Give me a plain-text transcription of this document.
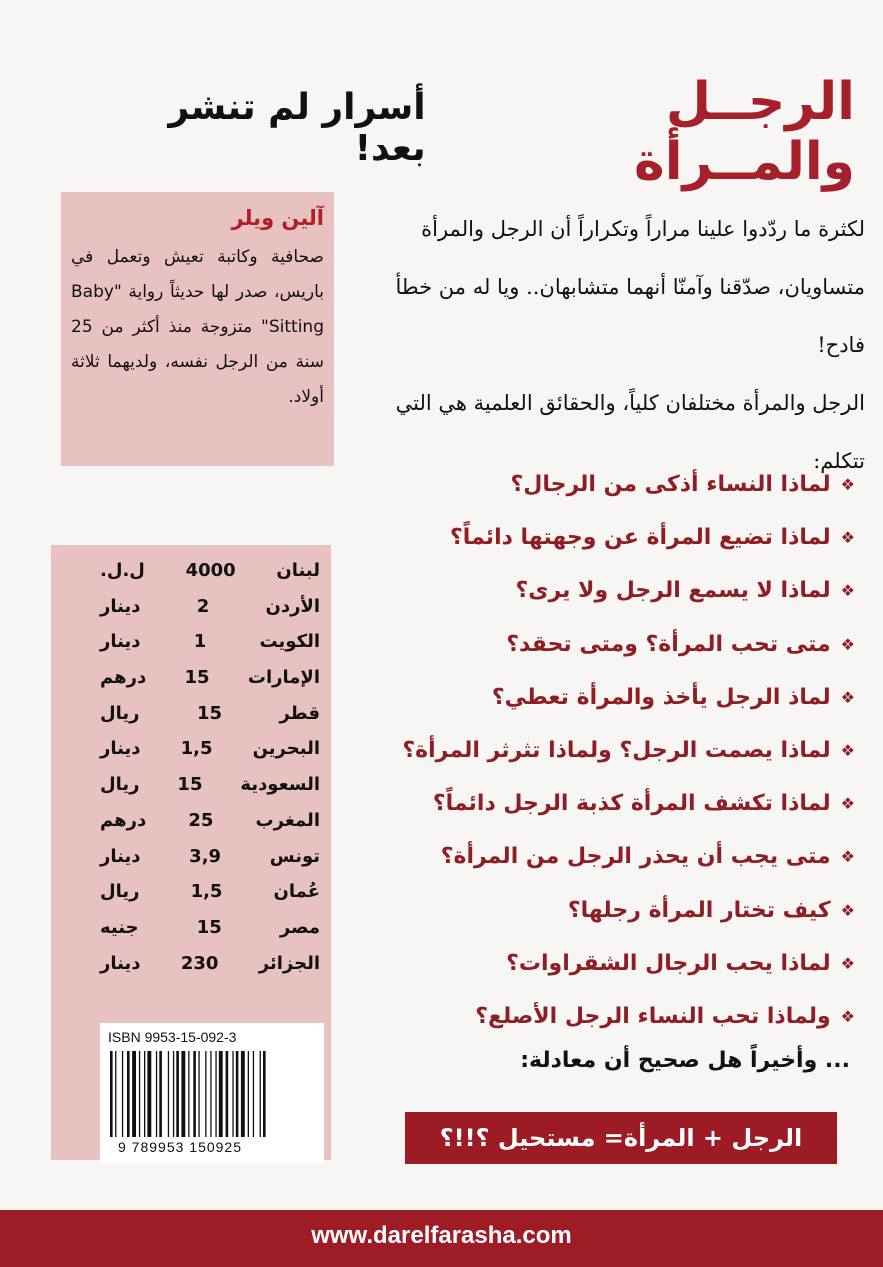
الرجــل والمــرأة
أسرار لم تنشر بعد!

لكثرة ما ردّدوا علينا مراراً وتكراراً أن الرجل والمرأة متساويان، صدّقنا وآمنّا أنهما متشابهان.. ويا له من خطأ فادح!

الرجل والمرأة مختلفان كلياً، والحقائق العلمية هي التي تتكلم:

❖
لماذا النساء أذكى من الرجال؟
❖
لماذا تضيع المرأة عن وجهتها دائماً؟
❖
لماذا لا يسمع الرجل ولا يرى؟
❖
متى تحب المرأة؟ ومتى تحقد؟
❖
لماذ الرجل يأخذ والمرأة تعطي؟
❖
لماذا يصمت الرجل؟ ولماذا تثرثر المرأة؟
❖
لماذا تكشف المرأة كذبة الرجل دائماً؟
❖
متى يجب أن يحذر الرجل من المرأة؟
❖
كيف تختار المرأة رجلها؟
❖
لماذا يحب الرجال الشقراوات؟
❖
ولماذا تحب النساء الرجل الأصلع؟
... وأخيراً هل صحيح أن معادلة:
الرجل + المرأة= مستحيل ؟!!؟
آلين ويلر
صحافية وكاتبة تعيش وتعمل في باريس، صدر لها حديثاً رواية "Baby Sitting" متزوجة منذ أكثر من 25 سنة من الرجل نفسه، ولديهما ثلاثة أولاد.
لبنان 4000 ل.ل.
الأردن 2 دينار
الكويت 1 دينار
الإمارات 15 درهم
قطر 15 ريال
البحرين 1,5 دينار
السعودية 15 ريال
المغرب 25 درهم
تونس 3,9 دينار
عُمان 1,5 ريال
مصر 15 جنيه
الجزائر 230 دينار
ISBN 9953-15-092-3
9 789953 150925
www.darelfarasha.com
